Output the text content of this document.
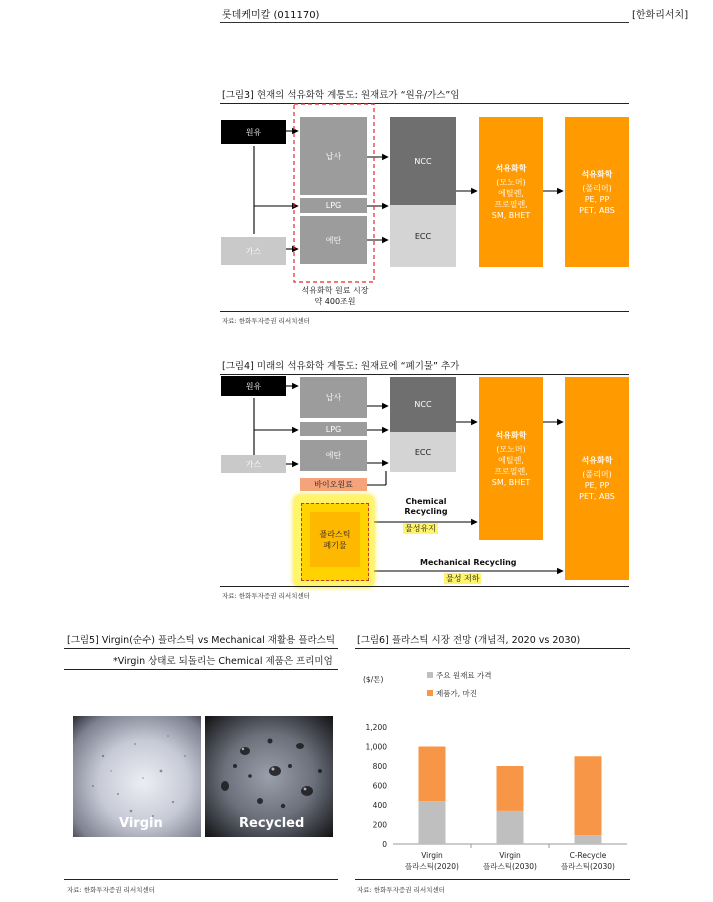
롯데케미칼 (011170)	[한화리서치]
[그림3] 현재의 석유화학 계통도: 원재료가 “원유/가스”임
원유
가스
납사
LPG
에탄
NCC
ECC
석유화학
(모노머)
에틸렌,
프로필렌,
SM, BHET
석유화학
(폴리머)
PE, PP
PET, ABS
석유화학 원료 시장
약 400조원
자료: 한화투자증권 리서치센터
[그림4] 미래의 석유화학 계통도: 원재료에 “폐기물” 추가
원유
가스
납사
LPG
에탄
바이오원료
NCC
ECC
석유화학
(모노머)
에틸렌,
프로필렌,
SM, BHET
석유화학
(폴리머)
PE, PP
PET, ABS
플라스틱
폐기물
Chemical
Recycling
물성유지
Mechanical Recycling
물성 저하
자료: 한화투자증권 리서치센터
[그림5] Virgin(순수) 플라스틱 vs Mechanical 재활용 플라스틱
*Virgin 상태로 되돌리는 Chemical 제품은 프리미엄
Virgin	Recycled
자료: 한화투자증권 리서치센터
[그림6] 플라스틱 시장 전망 (개념적, 2020 vs 2030)
($/톤)	주요 원재료 가격
제품가, 마진
0
200
400
600
800
1,000
1,200
Virgin
플라스틱(2020)
Virgin
플라스틱(2030)
C-Recycle
플라스틱(2030)
자료: 한화투자증권 리서치센터
